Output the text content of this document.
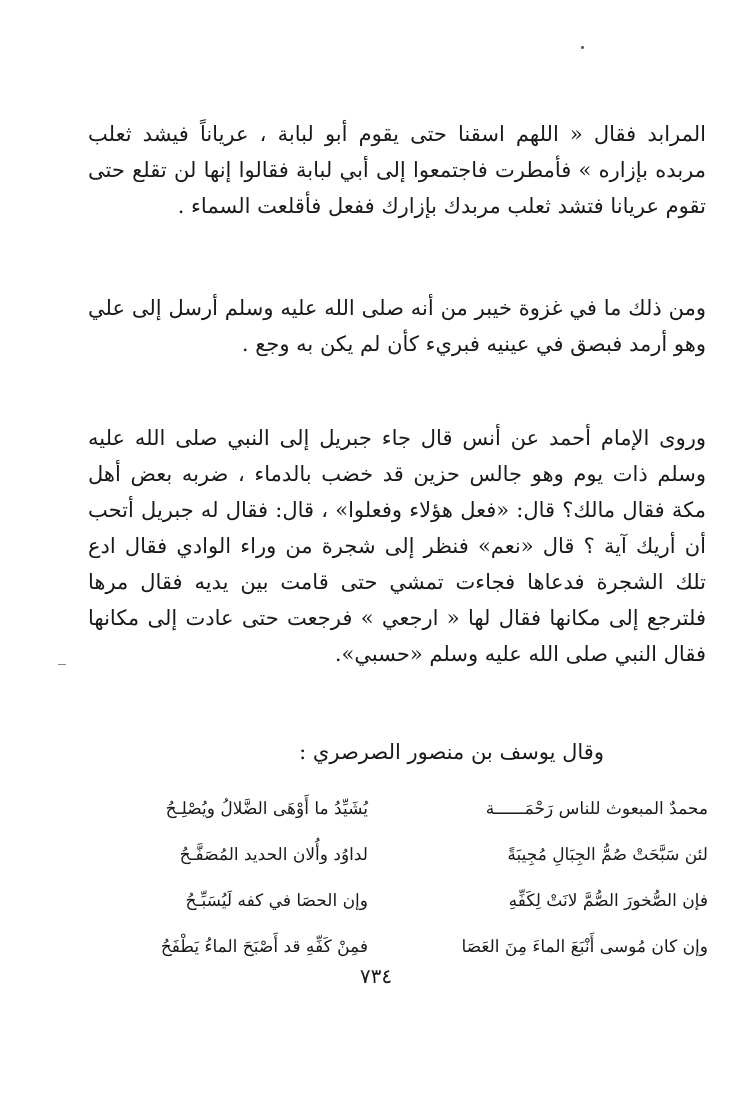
المرابد فقال « اللهم اسقنا حتى يقوم أبو لبابة ، عرياناً فيشد ثعلب مربده بإزاره » فأمطرت فاجتمعوا إلى أبي لبابة فقالوا إنها لن تقلع حتى تقوم عريانا فتشد ثعلب مربدك بإزارك ففعل فأقلعت السماء .

ومن ذلك ما في غزوة خيبر من أنه صلى الله عليه وسلم أرسل إلى علي وهو أرمد فبصق في عينيه فبريء كأن لم يكن به وجع .

وروى الإمام أحمد عن أنس قال جاء جبريل إلى النبي صلى الله عليه وسلم ذات يوم وهو جالس حزين قد خضب بالدماء ، ضربه بعض أهل مكة فقال مالك؟ قال: «فعل هؤلاء وفعلوا» ، قال: فقال له جبريل أتحب أن أريك آية ؟ قال «نعم» فنظر إلى شجرة من وراء الوادي فقال ادع تلك الشجرة فدعاها فجاءت تمشي حتى قامت بين يديه فقال مرها فلترجع إلى مكانها فقال لها « ارجعي » فرجعت حتى عادت إلى مكانها فقال النبي صلى الله عليه وسلم «حسبي».

وقال يوسف بن منصور الصرصري :

محمدٌ المبعوث للناس رَحْمَــــــة
يُشَيِّدُ ما أَوْهَى الضَّلالُ ويُصْلِـحُ
لئن سَبَّحَتْ صُمُّ الجِبَالِ مُجِيبَةً
لداوُد وأُلان الحديد المُصَفَّـحُ
فإن الصُّخورَ الصُّمَّ لانَتْ لِكَفِّهِ
وإن الحصَا في كفه لَيُسَبِّـحُ
وإن كان مُوسى أَنْبَعَ الماءَ مِنَ العَصَا
فمِنْ كَفِّهِ قد أَصْبَحَ الماءُ يَطْفَحُ
٧٣٤
